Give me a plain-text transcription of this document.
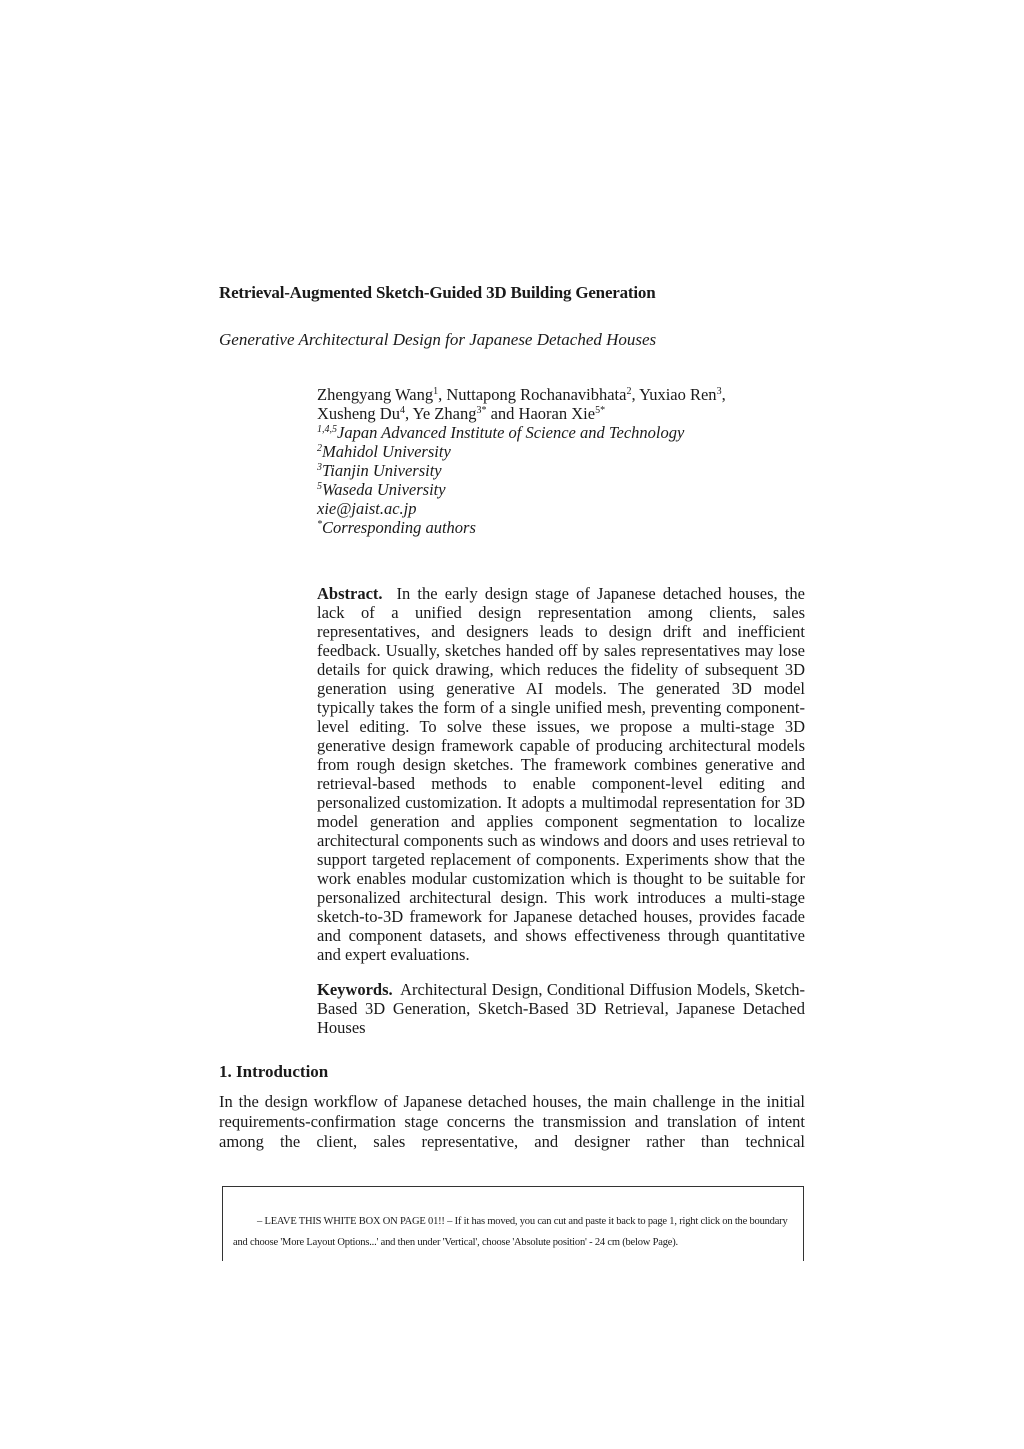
Retrieval-Augmented Sketch-Guided 3D Building Generation
Generative Architectural Design for Japanese Detached Houses
Zhengyang Wang$^1$, Nuttapong Rochanavibhata$^2$, Yuxiao Ren$^3$,
Xusheng Du$^4$, Ye Zhang$^{3*}$ and Haoran Xie$^{5*}$
$^{1,4,5}$Japan Advanced Institute of Science and Technology
$^2$Mahidol University
$^3$Tianjin University
$^5$Waseda University
xie@jaist.ac.jp
*Corresponding authors
Abstract. In the early design stage of Japanese detached houses, the lack of a unified design representation among clients, sales representatives, and designers leads to design drift and inefficient feedback. Usually, sketches handed off by sales representatives may lose details for quick drawing, which reduces the fidelity of subsequent 3D generation using generative AI models. The generated 3D model typically takes the form of a single unified mesh, preventing component-level editing. To solve these issues, we propose a multi-stage 3D generative design framework capable of producing architectural models from rough design sketches. The framework combines generative and retrieval-based methods to enable component-level editing and personalized customization. It adopts a multimodal representation for 3D model generation and applies component segmentation to localize architectural components such as windows and doors and uses retrieval to support targeted replacement of components. Experiments show that the work enables modular customization which is thought to be suitable for personalized architectural design. This work introduces a multi-stage sketch-to-3D framework for Japanese detached houses, provides facade and component datasets, and shows effectiveness through quantitative and expert evaluations.
Keywords. Architectural Design, Conditional Diffusion Models, Sketch-Based 3D Generation, Sketch-Based 3D Retrieval, Japanese Detached Houses
1. Introduction
In the design workflow of Japanese detached houses, the main challenge in the initial requirements-confirmation stage concerns the transmission and translation of intent among the client, sales representative, and designer rather than technical
– LEAVE THIS WHITE BOX ON PAGE 01!! – If it has moved, you can cut and paste it back to page 1, right click on the boundary and choose 'More Layout Options...' and then under 'Vertical', choose 'Absolute position' - 24 cm (below Page).
